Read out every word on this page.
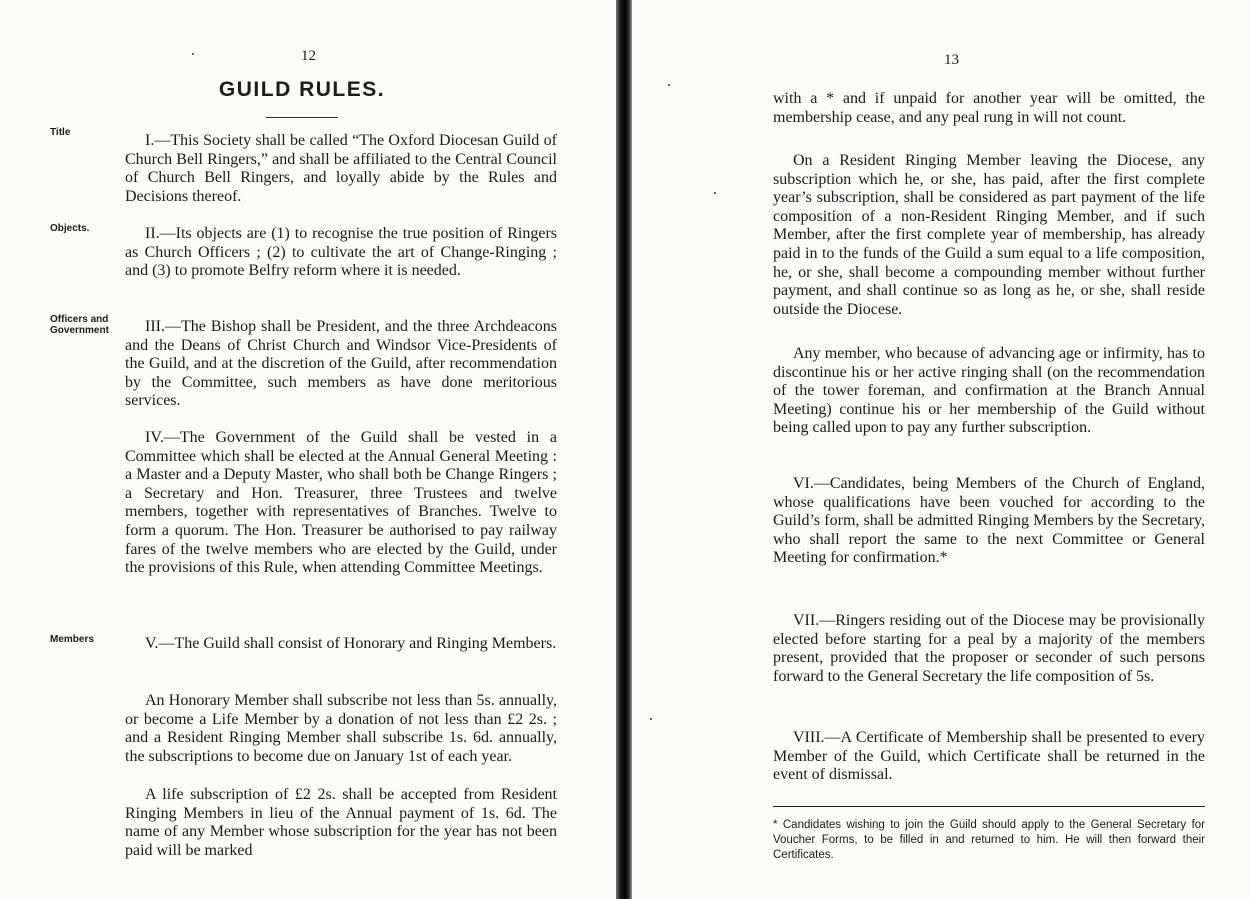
12
GUILD RULES.
Title
Objects.
Officers and
Government
Members

I.—This Society shall be called “The Oxford Diocesan Guild of Church Bell Ringers,” and shall be affiliated to the Central Council of Church Bell Ringers, and loyally abide by the Rules and Decisions thereof.

II.—Its objects are (1) to recognise the true position of Ringers as Church Officers ; (2) to cultivate the art of Change-Ringing ; and (3) to promote Belfry reform where it is needed.

III.—The Bishop shall be President, and the three Archdeacons and the Deans of Christ Church and Windsor Vice-Presidents of the Guild, and at the discretion of the Guild, after recommendation by the Committee, such members as have done meritorious services.

IV.—The Government of the Guild shall be vested in a Committee which shall be elected at the Annual General Meeting : a Master and a Deputy Master, who shall both be Change Ringers ; a Secretary and Hon. Treasurer, three Trustees and twelve members, together with representatives of Branches. Twelve to form a quorum. The Hon. Treasurer be authorised to pay railway fares of the twelve members who are elected by the Guild, under the provisions of this Rule, when attending Committee Meetings.

V.—The Guild shall consist of Honorary and Ringing Members.

An Honorary Member shall subscribe not less than 5s. annually, or become a Life Member by a donation of not less than £2 2s. ; and a Resident Ringing Member shall subscribe 1s. 6d. annually, the subscriptions to become due on January 1st of each year.

A life subscription of £2 2s. shall be accepted from Resident Ringing Members in lieu of the Annual payment of 1s. 6d. The name of any Member whose subscription for the year has not been paid will be marked

13

with a * and if unpaid for another year will be omitted, the membership cease, and any peal rung in will not count.

On a Resident Ringing Member leaving the Diocese, any subscription which he, or she, has paid, after the first complete year’s subscription, shall be considered as part payment of the life composition of a non-Resident Ringing Member, and if such Member, after the first complete year of membership, has already paid in to the funds of the Guild a sum equal to a life composition, he, or she, shall become a compounding member without further payment, and shall continue so as long as he, or she, shall reside outside the Diocese.

Any member, who because of advancing age or infirmity, has to discontinue his or her active ringing shall (on the recommendation of the tower foreman, and confirmation at the Branch Annual Meeting) continue his or her membership of the Guild without being called upon to pay any further subscription.

VI.—Candidates, being Members of the Church of England, whose qualifications have been vouched for according to the Guild’s form, shall be admitted Ringing Members by the Secretary, who shall report the same to the next Committee or General Meeting for confirmation.*

VII.—Ringers residing out of the Diocese may be provisionally elected before starting for a peal by a majority of the members present, provided that the proposer or seconder of such persons forward to the General Secretary the life composition of 5s.

VIII.—A Certificate of Membership shall be presented to every Member of the Guild, which Certificate shall be returned in the event of dismissal.

* Candidates wishing to join the Guild should apply to the General Secretary for Voucher Forms, to be filled in and returned to him. He will then forward their Certificates.
